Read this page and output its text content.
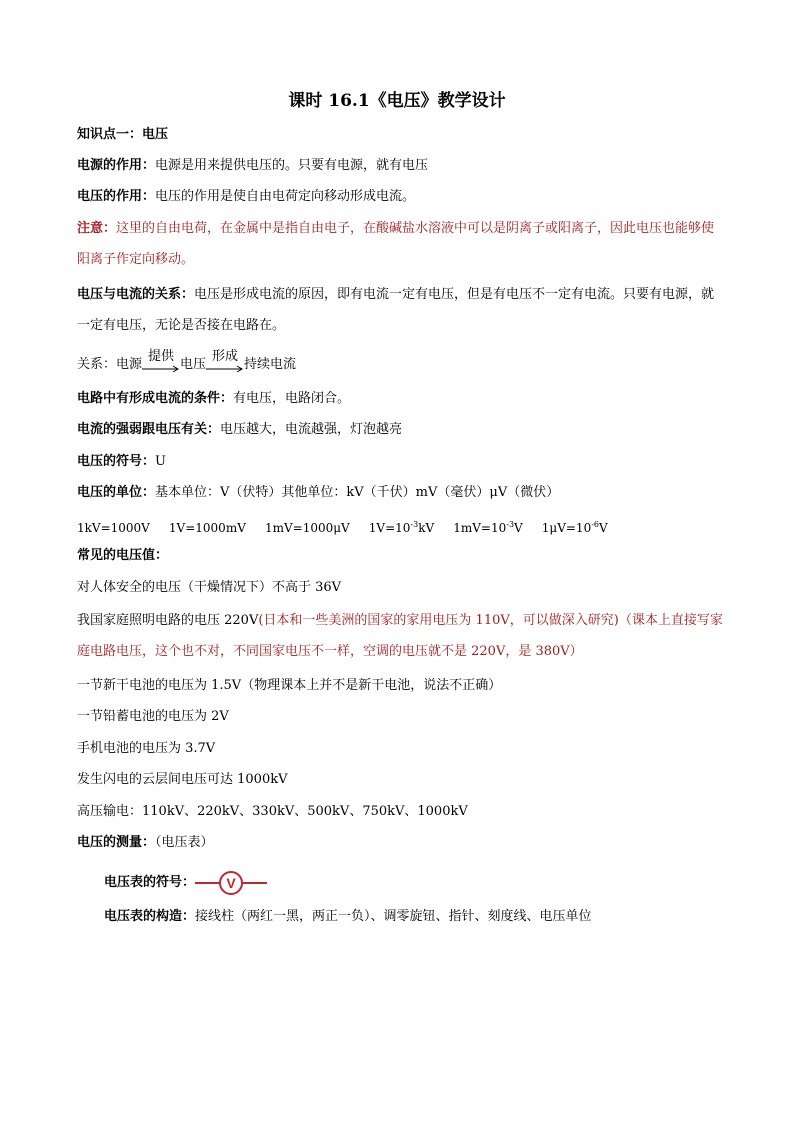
课时 16.1《电压》教学设计
知识点一：电压
电源的作用：电源是用来提供电压的。只要有电源，就有电压
电压的作用：电压的作用是使自由电荷定向移动形成电流。
注意：这里的自由电荷，在金属中是指自由电子，在酸碱盐水溶液中可以是阴离子或阳离子，因此电压也能够使阳离子作定向移动。
电压与电流的关系：电压是形成电流的原因，即有电流一定有电压，但是有电压不一定有电流。只要有电源，就一定有电压，无论是否接在电路在。
关系： 电源
提供
电压
形成
持续电流
电路中有形成电流的条件：有电压，电路闭合。
电流的强弱跟电压有关：电压越大，电流越强，灯泡越亮
电压的符号：U
电压的单位：基本单位：V（伏特）其他单位：kV（千伏）mV（毫伏）μV（微伏）
1kV=1000V 1V=1000mV 1mV=1000μV $1V=10^{-3}kV$ $1mV=10^{-3}V$ $1\mu V=10^{-6}V$
常见的电压值：
对人体安全的电压（干燥情况下）不高于 36V
我国家庭照明电路的电压 220V(日本和一些美洲的国家的家用电压为 110V，可以做深入研究)（课本上直接写家庭电路电压，这个也不对，不同国家电压不一样，空调的电压就不是 220V，是 380V）
一节新干电池的电压为 1.5V（物理课本上并不是新干电池，说法不正确）
一节铅蓄电池的电压为 2V
手机电池的电压为 3.7V
发生闪电的云层间电压可达 1000kV
高压输电：110kV、220kV、330kV、500kV、750kV、1000kV
电压的测量：（电压表）
电压表的符号： V
电压表的构造：接线柱（两红一黑，两正一负）、调零旋钮、指针、刻度线、电压单位
